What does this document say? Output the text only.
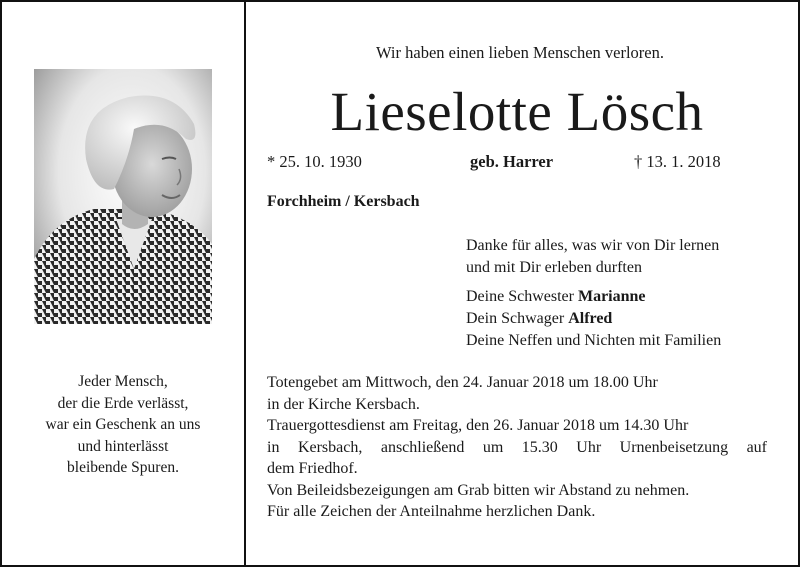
Jeder Mensch,
der die Erde verlässt,
war ein Geschenk an uns
und hinterlässt
bleibende Spuren.
Wir haben einen lieben Menschen verloren.
Lieselotte Lösch
* 25. 10. 1930	geb. Harrer	† 13. 1. 2018
Forchheim / Kersbach
Danke für alles, was wir von Dir lernen
und mit Dir erleben durften
Deine Schwester Marianne
Dein Schwager Alfred
Deine Neffen und Nichten mit Familien
Totengebet am Mittwoch, den 24. Januar 2018 um 18.00 Uhr
in der Kirche Kersbach.
Trauergottesdienst am Freitag, den 26. Januar 2018 um 14.30 Uhr
in Kersbach, anschließend um 15.30 Uhr Urnenbeisetzung auf
dem Friedhof.
Von Beileidsbezeigungen am Grab bitten wir Abstand zu nehmen.
Für alle Zeichen der Anteilnahme herzlichen Dank.
